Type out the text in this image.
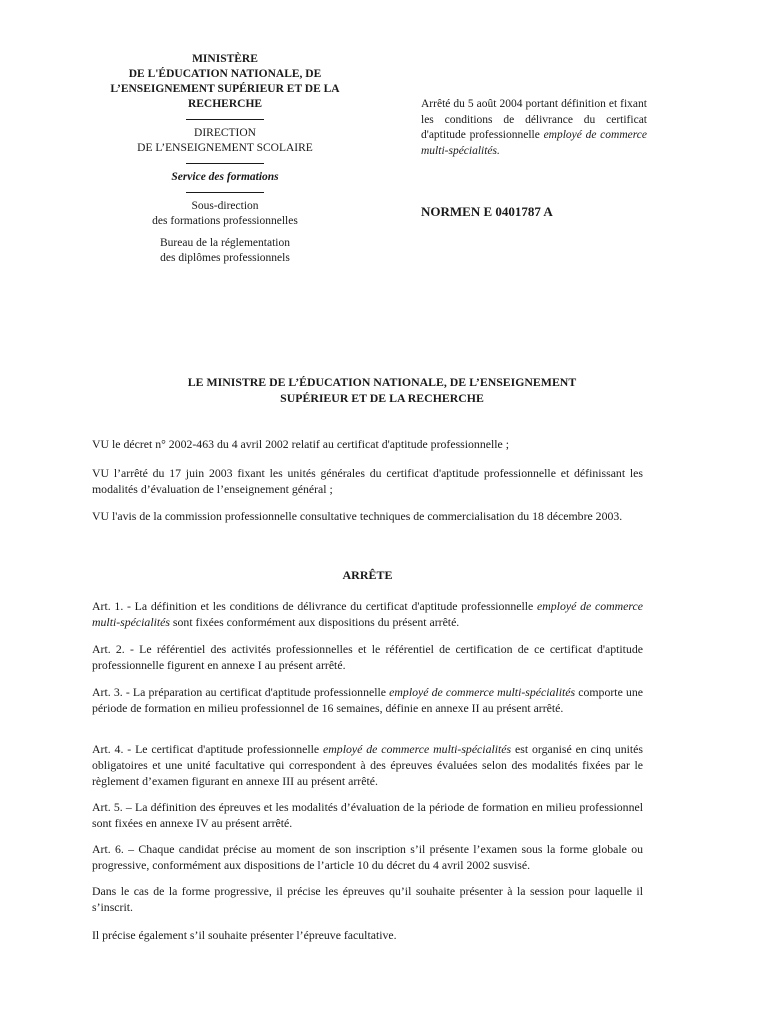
MINISTÈRE
DE L'ÉDUCATION NATIONALE, DE
L’ENSEIGNEMENT SUPÉRIEUR ET DE LA
RECHERCHE
DIRECTION
DE L’ENSEIGNEMENT SCOLAIRE
Service des formations
Sous-direction
des formations professionnelles
Bureau de la réglementation
des diplômes professionnels
Arrêté du 5 août 2004 portant définition et fixant les conditions de délivrance du certificat d'aptitude professionnelle employé de commerce multi-spécialités.
NORMEN E 0401787 A
LE MINISTRE DE L’ÉDUCATION NATIONALE, DE L’ENSEIGNEMENT
SUPÉRIEUR ET DE LA RECHERCHE

VU le décret n° 2002-463 du 4 avril 2002 relatif au certificat d'aptitude professionnelle ;

VU l’arrêté du 17 juin 2003 fixant les unités générales du certificat d'aptitude professionnelle et définissant les modalités d’évaluation de l’enseignement général ;

VU l'avis de la commission professionnelle consultative techniques de commercialisation du 18 décembre 2003.

ARRÊTE

Art. 1. - La définition et les conditions de délivrance du certificat d'aptitude professionnelle employé de commerce multi-spécialités sont fixées conformément aux dispositions du présent arrêté.

Art. 2. - Le référentiel des activités professionnelles et le référentiel de certification de ce certificat d'aptitude professionnelle figurent en annexe I au présent arrêté.

Art. 3. - La préparation au certificat d'aptitude professionnelle employé de commerce multi-spécialités comporte une période de formation en milieu professionnel de 16 semaines, définie en annexe II au présent arrêté.

Art. 4. - Le certificat d'aptitude professionnelle employé de commerce multi-spécialités est organisé en cinq unités obligatoires et une unité facultative qui correspondent à des épreuves évaluées selon des modalités fixées par le règlement d’examen figurant en annexe III au présent arrêté.

Art. 5. – La définition des épreuves et les modalités d’évaluation de la période de formation en milieu professionnel sont fixées en annexe IV au présent arrêté.

Art. 6. – Chaque candidat précise au moment de son inscription s’il présente l’examen sous la forme globale ou progressive, conformément aux dispositions de l’article 10 du décret du 4 avril 2002 susvisé.

Dans le cas de la forme progressive, il précise les épreuves qu’il souhaite présenter à la session pour laquelle il s’inscrit.

Il précise également s’il souhaite présenter l’épreuve facultative.
